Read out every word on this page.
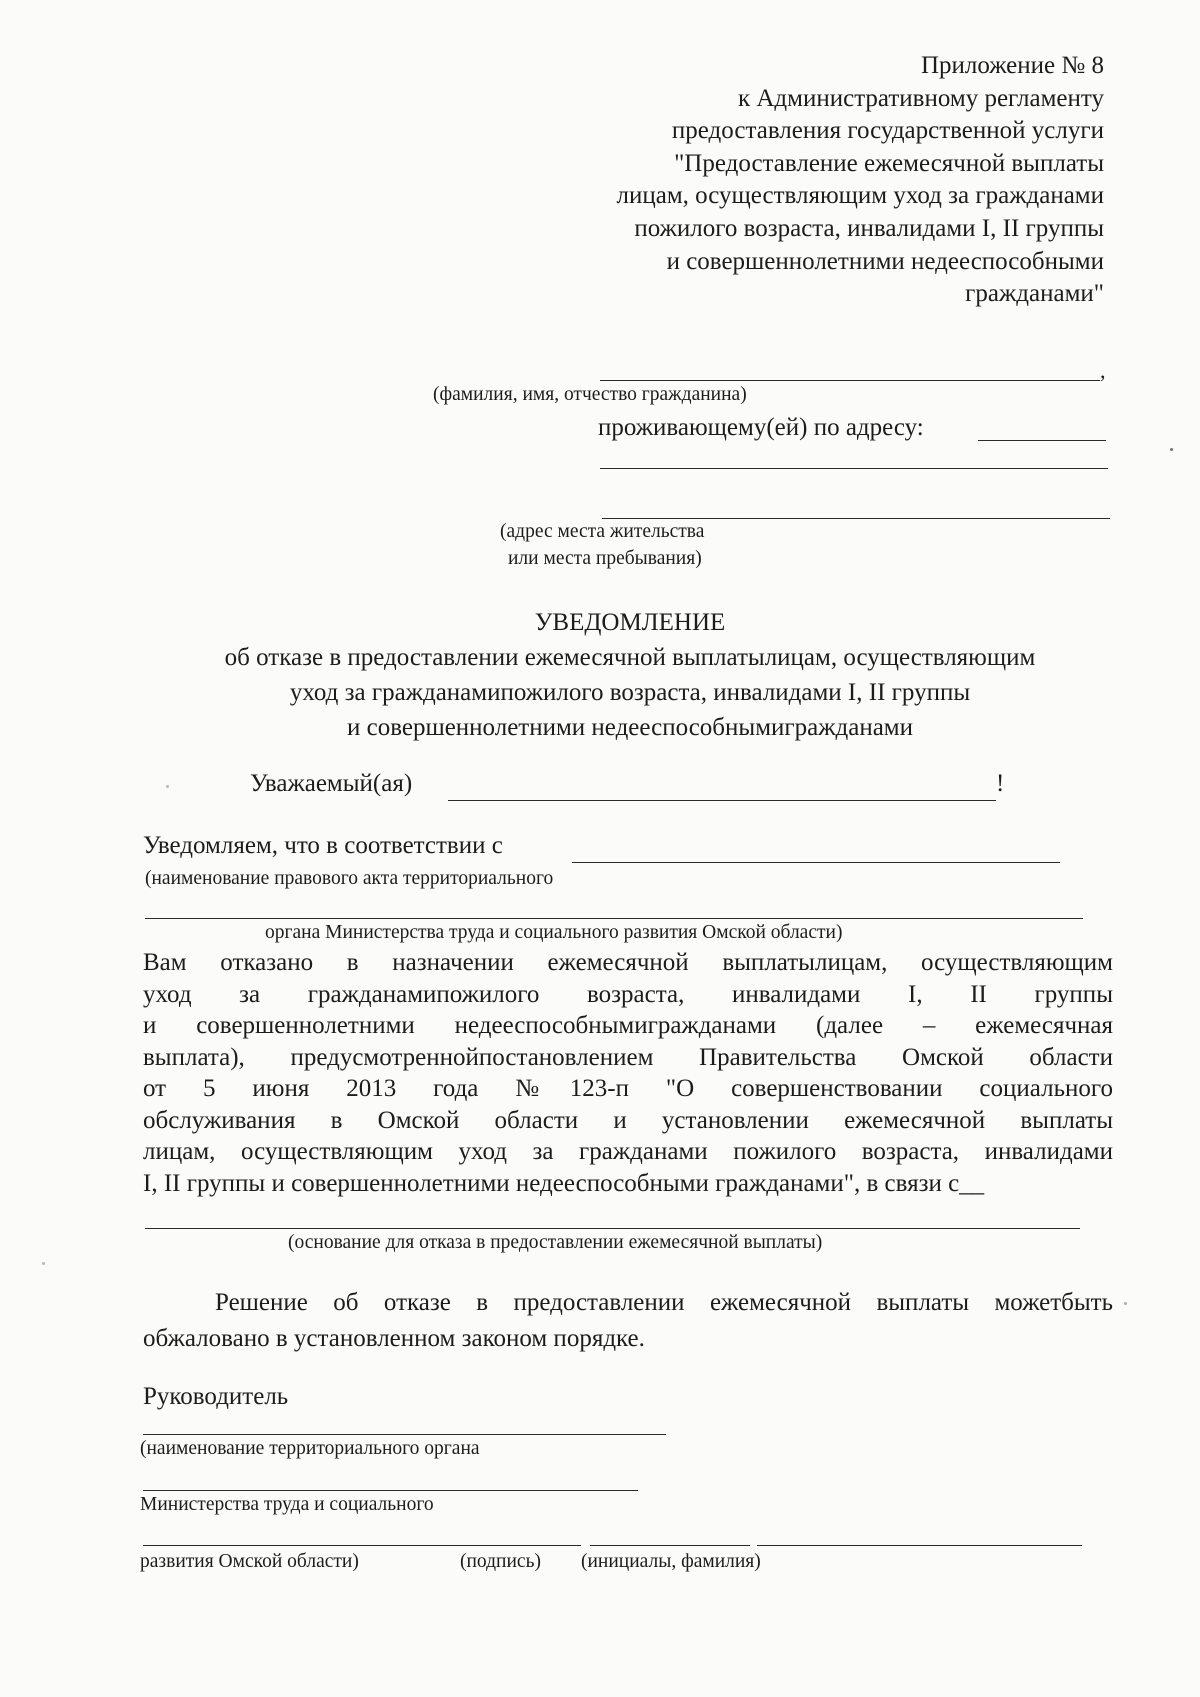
Приложение № 8
к Административному регламенту
предоставления государственной услуги
"Предоставление ежемесячной выплаты
лицам, осуществляющим уход за гражданами
пожилого возраста, инвалидами I, II группы
и совершеннолетними недееспособными
гражданами"
,
(фамилия, имя, отчество гражданина)
проживающему(ей) по адресу:
(адрес места жительства
или места пребывания)
УВЕДОМЛЕНИЕ
об отказе в предоставлении ежемесячной выплатылицам, осуществляющим
уход за гражданамипожилого возраста, инвалидами I, II группы
и совершеннолетними недееспособнымигражданами
Уважаемый(ая)	!
Уведомляем, что в соответствии с
(наименование правового акта территориального
органа Министерства труда и социального развития Омской области)
Вам отказано в назначении ежемесячной выплатылицам, осуществляющим
уход за гражданамипожилого возраста, инвалидами I, II группы
и совершеннолетними недееспособнымигражданами (далее – ежемесячная
выплата), предусмотреннойпостановлением Правительства Омской области
от 5 июня 2013 года №123-п "О совершенствовании социального
обслуживания в Омской области и установлении ежемесячной выплаты
лицам, осуществляющим уход за гражданами пожилого возраста, инвалидами
I, II группы и совершеннолетними недееспособными гражданами", в связи с__
(основание для отказа в предоставлении ежемесячной выплаты)
Решение об отказе в предоставлении ежемесячной выплаты можетбыть
обжаловано в установленном законом порядке.
Руководитель
(наименование территориального органа
Министерства труда и социального
развития Омской области)	(подпись) (инициалы, фамилия)
